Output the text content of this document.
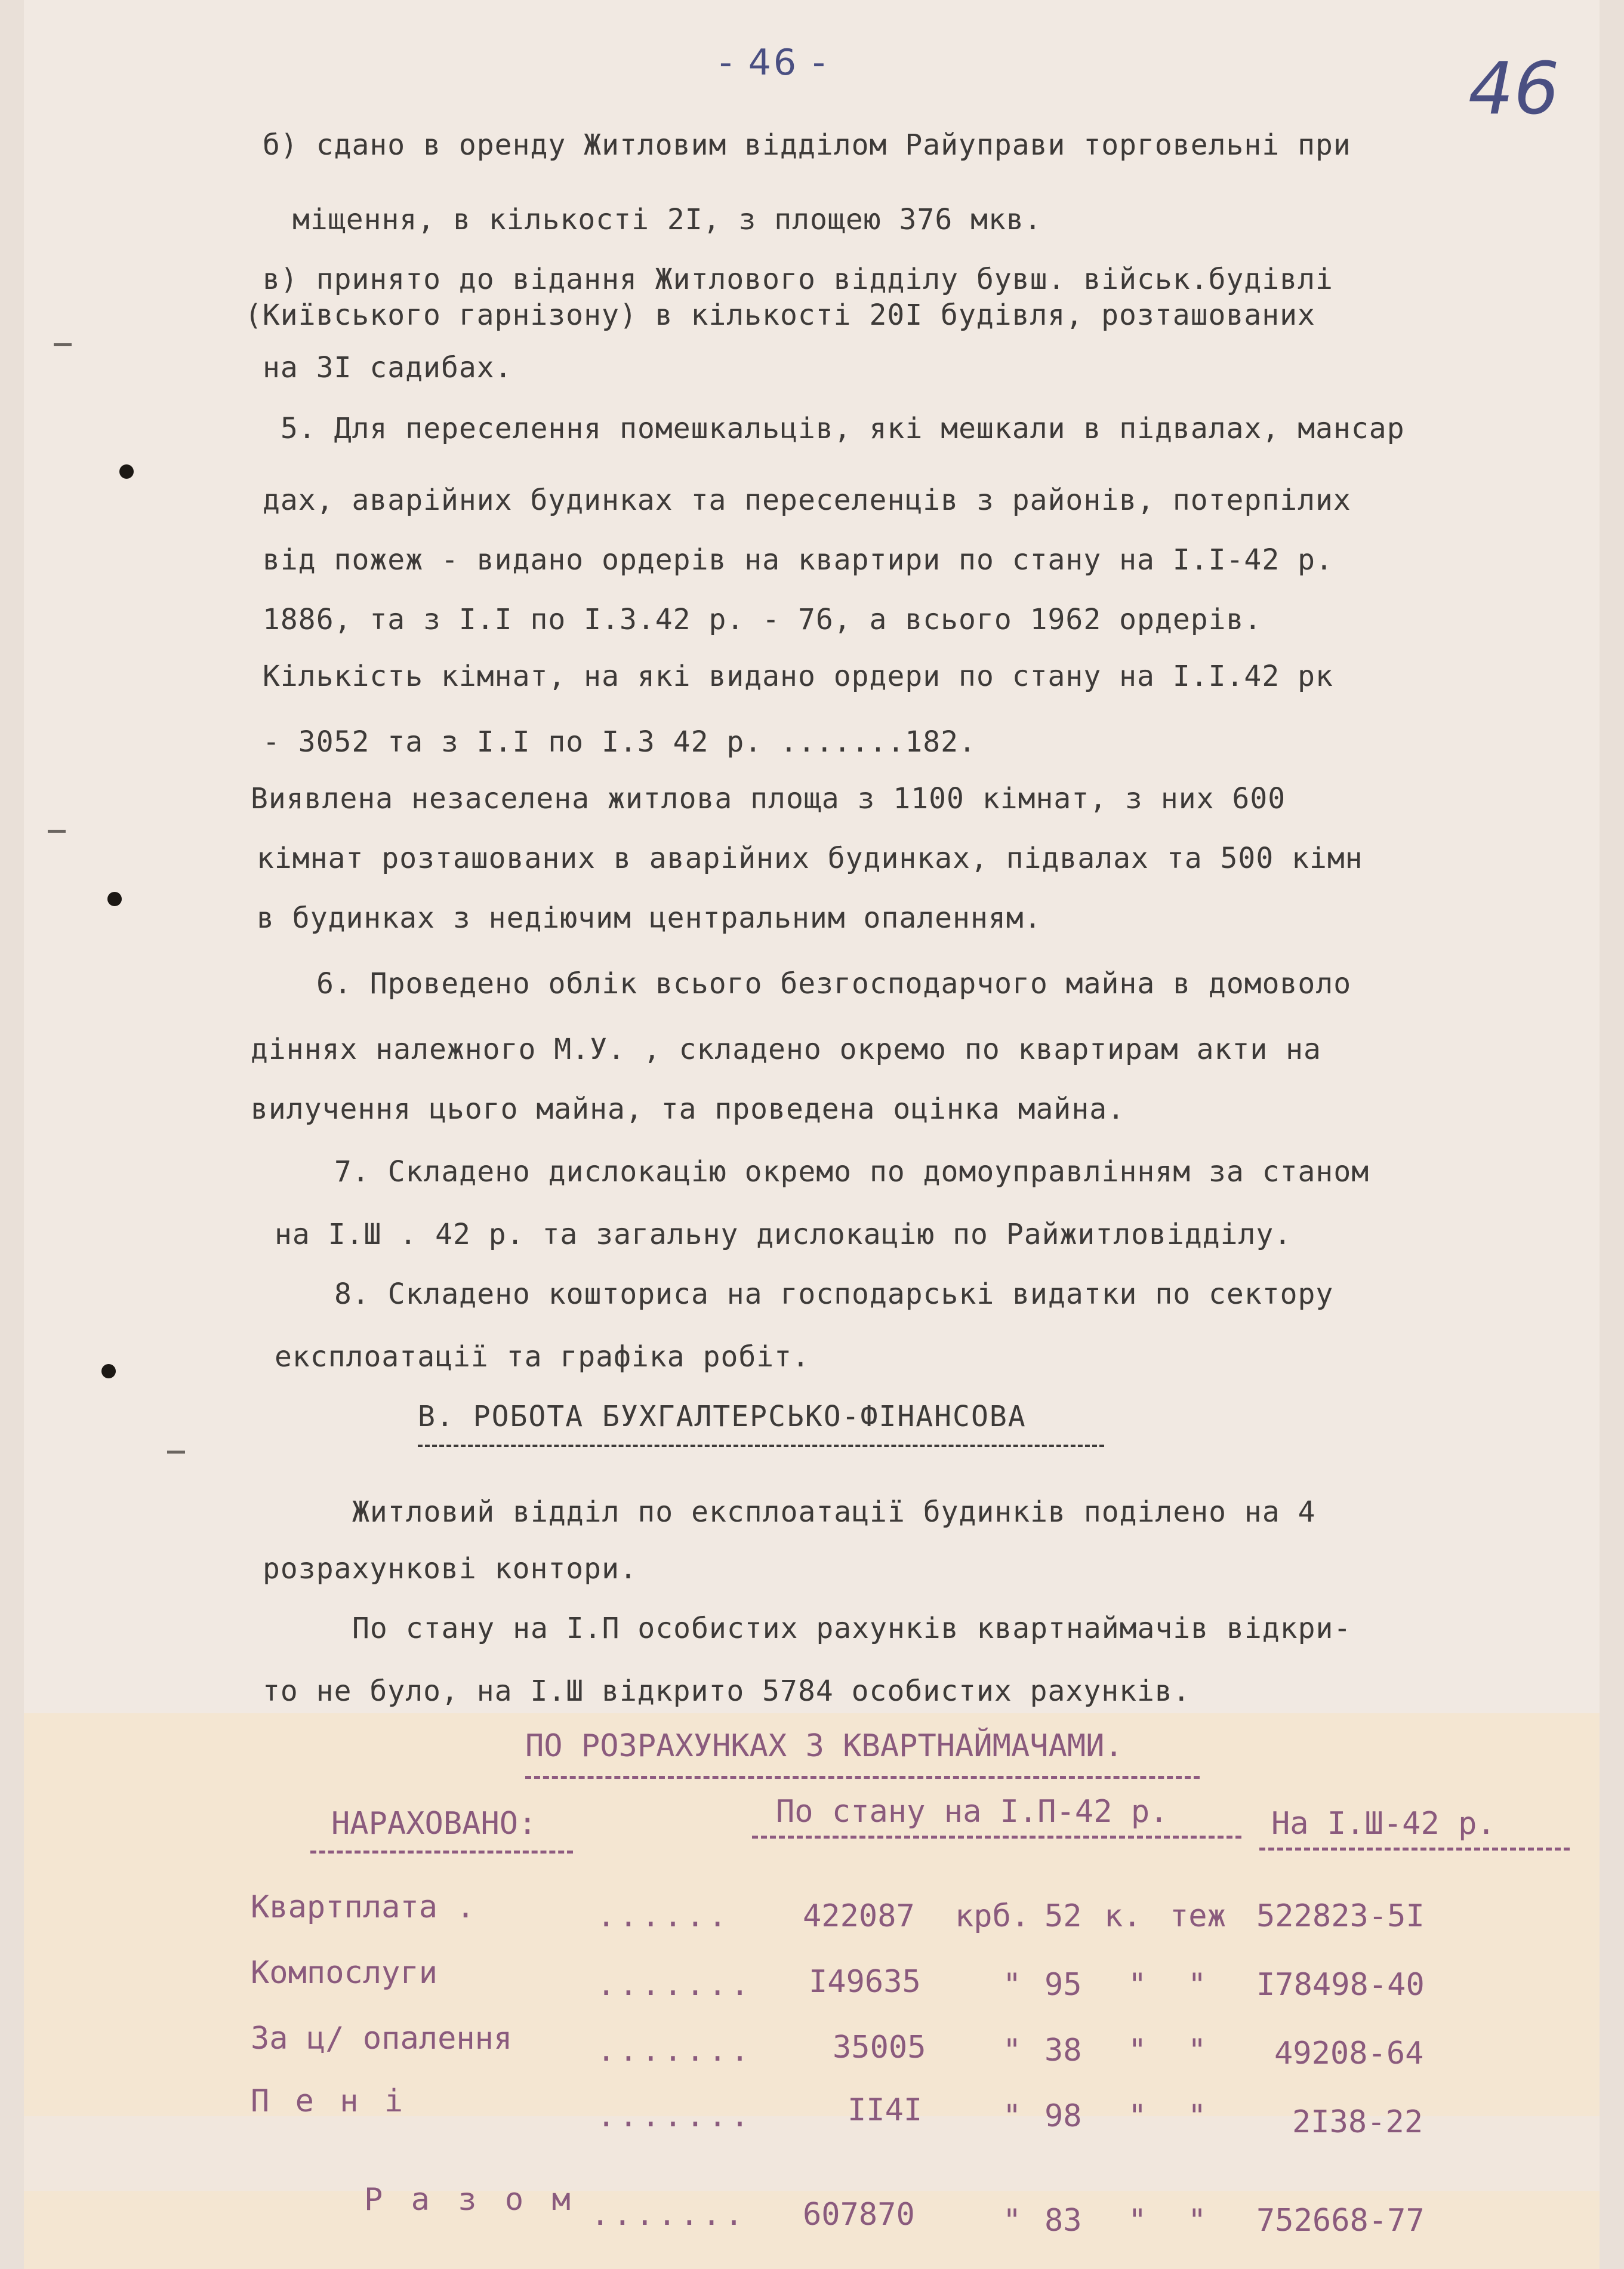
- 46 -	46
б) сдано в оренду Житловим відділом Райуправи торговельні при
міщення, в кількості 2I, з площею 376 мкв.
в) принято до відання Житлового відділу бувш. військ.будівлі
(Київського гарнізону) в кількості 20I будівля, розташованих
на 3I садибах.
5. Для переселення помешкальців, які мешкали в підвалах, мансар
дах, аварійних будинках та переселенців з районів, потерпілих
від пожеж - видано ордерів на квартири по стану на I.I-42 р.
1886, та з I.I по I.3.42 р. - 76, а всього 1962 ордерів.
Кількість кімнат, на які видано ордери по стану на I.I.42 рк
- 3052 та з I.I по I.3 42 р. .......182.
Виявлена незаселена житлова площа з 1100 кімнат, з них 600
кімнат розташованих в аварійних будинках, підвалах та 500 кімн
в будинках з недіючим центральним опаленням.
6. Проведено облік всього безгосподарчого майна в домоволо
діннях належного М.У. , складено окремо по квартирам акти на
вилучення цього майна, та проведена оцінка майна.
7. Складено дислокацію окремо по домоуправлінням за станом
на I.Ш . 42 р. та загальну дислокацію по Райжитловідділу.
8. Складено кошториса на господарські видатки по сектору
експлоатації та графіка робіт.
В. РОБОТА БУХГАЛТЕРСЬКО-ФІНАНСОВА
Житловий відділ по експлоатації будинків поділено на 4
розрахункові контори.
По стану на I.П особистих рахунків квартнаймачів відкри-
то не було, на I.Ш відкрито 5784 особистих рахунків.
ПО РОЗРАХУНКАХ З КВАРТНАЙМАЧАМИ.
НАРАХОВАНО:	По стану на I.П-42 р.	На I.Ш-42 р.
Квартплата .	...... 422087 крб. 52 к. теж 522823-5I
Компослуги	....... I49635	" 95 " " I78498-40
За ц/ опалення	.......	35005 " 38 " " 49208-64
П е н і	.......	II4I	" 98 " "	2I38-22
Р а з о м ....... 607870	" 83 " " 752668-77
